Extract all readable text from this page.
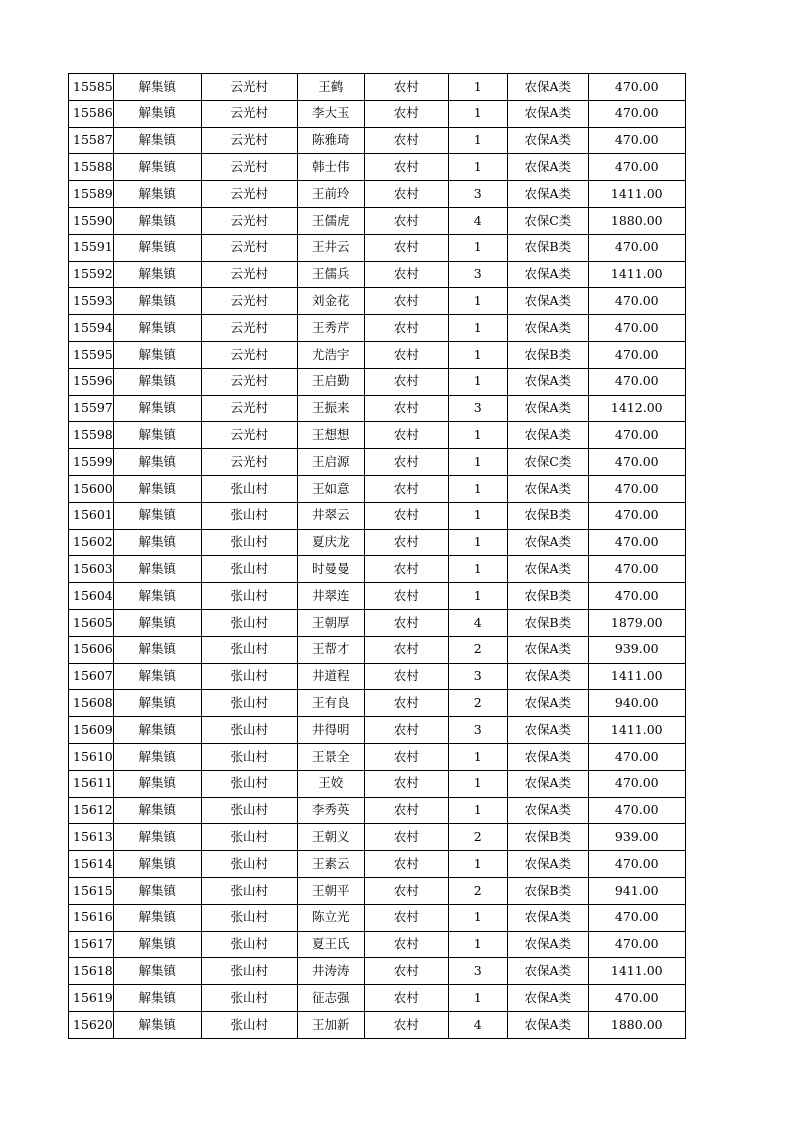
15585	解集镇	云光村	王鹤	农村	1	农保A类	470.00
15586	解集镇	云光村	李大玉	农村	1	农保A类	470.00
15587	解集镇	云光村	陈雅琦	农村	1	农保A类	470.00
15588	解集镇	云光村	韩士伟	农村	1	农保A类	470.00
15589	解集镇	云光村	王前玲	农村	3	农保A类	1411.00
15590	解集镇	云光村	王儒虎	农村	4	农保C类	1880.00
15591	解集镇	云光村	王井云	农村	1	农保B类	470.00
15592	解集镇	云光村	王儒兵	农村	3	农保A类	1411.00
15593	解集镇	云光村	刘金花	农村	1	农保A类	470.00
15594	解集镇	云光村	王秀芹	农村	1	农保A类	470.00
15595	解集镇	云光村	尤浩宇	农村	1	农保B类	470.00
15596	解集镇	云光村	王启勤	农村	1	农保A类	470.00
15597	解集镇	云光村	王振来	农村	3	农保A类	1412.00
15598	解集镇	云光村	王想想	农村	1	农保A类	470.00
15599	解集镇	云光村	王启源	农村	1	农保C类	470.00
15600	解集镇	张山村	王如意	农村	1	农保A类	470.00
15601	解集镇	张山村	井翠云	农村	1	农保B类	470.00
15602	解集镇	张山村	夏庆龙	农村	1	农保A类	470.00
15603	解集镇	张山村	时曼曼	农村	1	农保A类	470.00
15604	解集镇	张山村	井翠连	农村	1	农保B类	470.00
15605	解集镇	张山村	王朝厚	农村	4	农保B类	1879.00
15606	解集镇	张山村	王帮才	农村	2	农保A类	939.00
15607	解集镇	张山村	井道程	农村	3	农保A类	1411.00
15608	解集镇	张山村	王有良	农村	2	农保A类	940.00
15609	解集镇	张山村	井得明	农村	3	农保A类	1411.00
15610	解集镇	张山村	王景全	农村	1	农保A类	470.00
15611	解集镇	张山村	王姣	农村	1	农保A类	470.00
15612	解集镇	张山村	李秀英	农村	1	农保A类	470.00
15613	解集镇	张山村	王朝义	农村	2	农保B类	939.00
15614	解集镇	张山村	王素云	农村	1	农保A类	470.00
15615	解集镇	张山村	王朝平	农村	2	农保B类	941.00
15616	解集镇	张山村	陈立光	农村	1	农保A类	470.00
15617	解集镇	张山村	夏王氏	农村	1	农保A类	470.00
15618	解集镇	张山村	井涛涛	农村	3	农保A类	1411.00
15619	解集镇	张山村	征志强	农村	1	农保A类	470.00
15620	解集镇	张山村	王加新	农村	4	农保A类	1880.00
